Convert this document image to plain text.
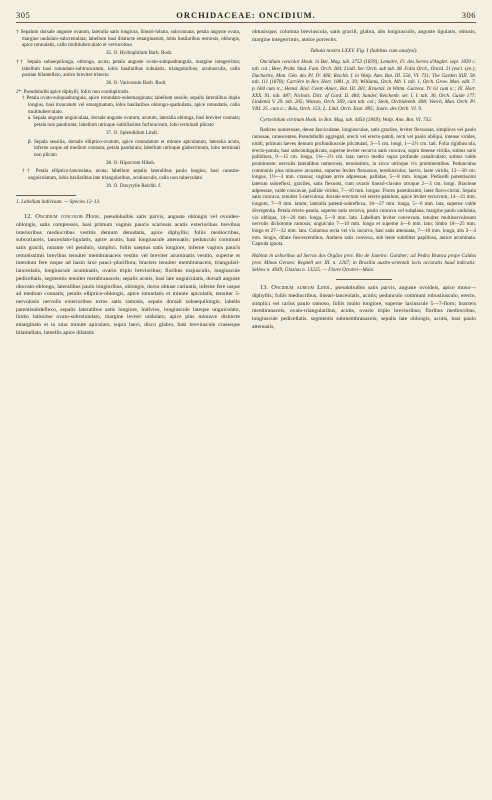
305	ORCHIDACEAE: ONCIDIUM.	306

† Sepalum dorsale anguste ovatum, lateralia satis longiora, lineari-lobata, subconnata; petala anguste ovata, margine undulato-subcrenulata; labellum basi distincte emarginatum, lobis basilaribus retrorsis, oblongis, apice rotundatis, callo multituberculato et verrucoloso

35. O. Hydrophilum Barb. Rodr.

†† Sepala subaequilonga, oblonga, acuta; petala anguste ovato-subquadrangula, margine integerrima; labellum basi rotundato-subtruncatum, lobis basilaribus subulatis, triangularibus, acutiusculis, callo positae bilamellato, antice breviter trisecto

36. O. Varicosum Barb. Rodr.

2*. Pseudobulbi apice diphylli, foliis non conduplicatis.

† Petala ovato-subquadrangula, apice rotundato-subemarginata; labellum sessile, sepalis lateralibus duplo longius, basi truncatum vel emarginatum, lobis basilaribus oblongo-spathulatis, apice rotundatis, callo multituberculato.

a. Sepala anguste unguiculata, dorsale anguste ovatum, acutum, lateralia oblonga, basi breviter connata; petala non pandurata; labellum utrinque subtilissime furfuraceum, lobo terminali plicato

37. O. Splendidum Lindl.

β. Sepala sessilia, dorsale elliptico-ovatum, apice rotundatum et minute apiculatum, lateralia acuta, inferne usque ad medium connata; petala pandurata; labellum utrinque glaberrimum, lobo terminali non plicato

38. O. Hipocrom Hibsh.

†† Petala elliptico-lanceolata, acuta; labellum sepalis lateralibus paulo longius, basi cuneato-unguiculatum, lobis basilaribus late triangularibus, acutiusculis, callo non tuberculato

39. O. Daxytylle Reichb. f.

1. Labellum indivisum. — Species 12–13.

12. Oncidium concolor Hook. pseudobulbis satis parvis, anguste oblongis vel ovoideo-oblongis, satis compressis, basi primum vaginis paucis scariosis acutis exterioribus brevibus interioribus mediocribus vestitis demum denudatis, apice diphyllis; foliis mediocribus, subcoriaceis, lanceolato-ligulatis, apice acutis, basi longiuscule attenuatis; pedunculo communi satis gracili, nutante vel pendulo, simplici, foliis saepius satis longiore, inferne vaginis paucis remotissimis brevibus tenuiter membranaceis vestito vel breviter acuminatis vestito, superne et interdum fere usque ad basin laxe pauci–pluriflora; bracteis tenuiter membranaceis, triangulari-lanceolatis, longiuscule acuminatis, ovario triplo brevioribus; floribus majusculis, longiuscule pedicellatis, segmentis tenuiter membranaceis; sepalis acutis, basi late unguiculatis, dorsali anguste obovato-oblongo, lateralibus paulo longioribus, oblongis, dorso obtuse carinatis, inferne fere usque ad medium connatis; petalis elliptico-oblongis, apice rotundatis et minute apiculatis, tenuiter 5-nervulosis nervulis exterioribus extus satis ramosis, sepalo dorsali subaequilongis; labello patentisubdeflexo, sepalis lateralibus satis longiore, indiviso, longiuscule lateque unguiculato, limbo latissime ovato-subrotundato, margine leviter undulato, apice plus minusve distincte emarginato et in sinu minute apiculato, supra laevi, disco glabro, basi breviuscule crasseque bilamellato, lamellis apice dilatatis

obtusisque; columna breviuscula, satis gracili, glabra, alis longiusculis, anguste ligulatis, obtusis, margine integerrimis, antice porrectis.

Tabula nostra LXXV. Fig. I (habitus cum analysi).

Oncidium concolor Hook. in Bot. Mag. tab. 3753 (1839); Lemaire, Fl. des Serres d'Anglet. sept. 1839 c. tab. col.; Beer, Prakt. Stud. Fam. Orch. 284; Lindl. Ser. Orch. sub tab. 48. Folia Orch., Oncid. 21 (excl. syn.); Duchartre, Man. Gén. des Pl. IV. 486; Reichb. f. in Walp. Ann. Bot. III. 556, VI. 731; The Garden XIII. 58. tab. 111 (1878); Carrière in Rev. Hort. 1881. p. 39; Williams, Orch. Alb. I. tab. 1, Orch. Grow. Man. edit. 7. p. 604 cum ic.; Hemsl. Biol. Centr.-Amer., Bot. III. 281; Kraenzl. in Wittm. Gartenz. IV. 61 cum ic.; Ill. Hort. XXX. 91. tab. 487; Nichols. Dict. of Gard. II. 484; Sander, Reichenb. ser. I. I. tab. 30, Orch. Guide 177; Lindenia V. 29. tab. 205; Watson, Orch. 369, cum tab. col.; Stein, Orchideenb. 408; Veitch, Man. Orch. Pl. VIII. 25. cum ic.; Bois, Orch. 153; L. Lind. Orch. Exot. 895; Journ. des Orch. VI. 9.

Cyrtochilum citrinum Hook. in Bot. Mag. tab. 4454 (1849); Walp. Ann. Bot. VI. 732.

Radices numerosae, dense fasciculatae, longiusculae, satis graciles, leviter flexuosae, simplices vel paulo ramosae, canescentes. Pseudobulbi aggregati, erecti vel erecto-patuli, recti vel paulo obliqui, intense virides, nitidi, primum laeves demum profundiuscule plicatulati, 3—5 cm. longi, 1—2½ cm. lati. Folia rigidiuscula, erecto-patula, basi subcondupplicata, superne leviter recurva satis concava, supra intense viridia, subtus satis pallidiora, 9—15 cm. longa, 1¾—2½ cm. lata; nervo medio supra profunde canaliculato, subtus valde prominente; nervulis lateralibus numerosis, tenuissimis, in sicco utrinque vix prominentibus. Pedunculus communis plus minusve arcuatus, superne leviter flexuosus, teretiusculus, laevis, laete viridis, 12—30 cm. longus, 1½—3 mm. crassus; vaginae arcte adpressae, pallidae, 5—8 mm. longae. Pedicelli potentissimi laterum subreflexi, graciles, satis flexuosi, cum ovario lineari-clavato utroque 2—3 cm. longi. Bracteae adpressae, valde concavae, pallide virides, 7—10 mm. longae. Flores patentissimi, laete flavo-citrini. Sepala satis concava, tenuiter 5-nervulosa; dorsale erectum vel erecto-patulum, apice leviter recurvum, 14—21 mm. longum, 7—9 mm. latum; lateralia patenti-subreflexa, 18—27 mm. longa, 5—6 mm. lata, superne valde divergentia. Petala erecto-patula, superne satis recurva, paulo concava vel subplana, margine paulo undulata, vix obliqua, 14—20 mm. longa, 5—9 mm. lata. Labellum leviter convexum, tenuiter multinervulosum nervulis dichotome ramosis; unguiculo 7—10 mm. longo et superne 4—6 mm. lato; limbo 18—25 mm. longo et 27—32 mm. lato. Columna recta vel vix incurva, basi satis attenuata, 7—10 mm. longa, alis 2—3 mm. longis, dilute fuscescentibus. Anthera satis convexa, sub lente subtiliter papillosa, antice acuminata. Capsula ignota.

Habitat in arboribus ad Serras dos Orgãos prov. Rio de Janeiro: Gardner; ad Pedra Branca prope Caldas prov. Minas Geraes: Regnell ser. III. n. 1267; in Brasilia austro-orientali locis accuratis haud indicatis: Sellow n. 4049, Glaziou n. 13225. — Floret Octobri—Maio.

13. Oncidium aureum Lindl. pseudobulbis satis parvis, anguste ovoideis, apice mono—diphyllis; foliis mediocribus, lineari-lanceolatis, acutis; pedunculo communi robustiusculo, erecto, simplici vel rarius paulo ramoso, foliis multo longiore, superne laxiuscule 5—7-floro; bracteis membranaceis, ovato-triangularibus, acutis, ovario triplo brevioribus; floribus mediocribus, longiuscule pedicellatis. segmentis submembranaceis; sepalis late oblongis, acutis, basi paulo attenuatis,
